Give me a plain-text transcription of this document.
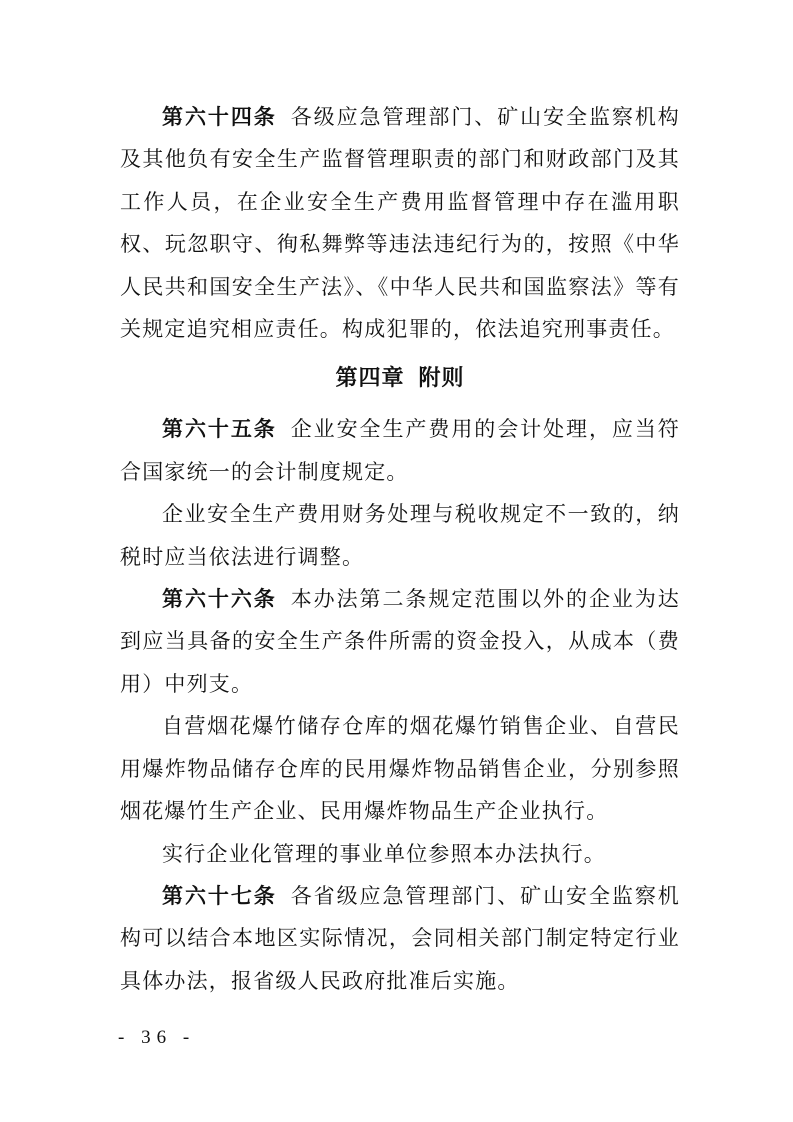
第六十四条 各级应急管理部门、矿山安全监察机构及其他负有安全生产监督管理职责的部门和财政部门及其工作人员，在企业安全生产费用监督管理中存在滥用职权、玩忽职守、徇私舞弊等违法违纪行为的，按照《中华人民共和国安全生产法》、《中华人民共和国监察法》等有关规定追究相应责任。构成犯罪的，依法追究刑事责任。

第四章 附则

第六十五条 企业安全生产费用的会计处理，应当符合国家统一的会计制度规定。

企业安全生产费用财务处理与税收规定不一致的，纳税时应当依法进行调整。

第六十六条 本办法第二条规定范围以外的企业为达到应当具备的安全生产条件所需的资金投入，从成本（费用）中列支。

自营烟花爆竹储存仓库的烟花爆竹销售企业、自营民用爆炸物品储存仓库的民用爆炸物品销售企业，分别参照烟花爆竹生产企业、民用爆炸物品生产企业执行。

实行企业化管理的事业单位参照本办法执行。

第六十七条 各省级应急管理部门、矿山安全监察机构可以结合本地区实际情况，会同相关部门制定特定行业具体办法，报省级人民政府批准后实施。

- 36 -
